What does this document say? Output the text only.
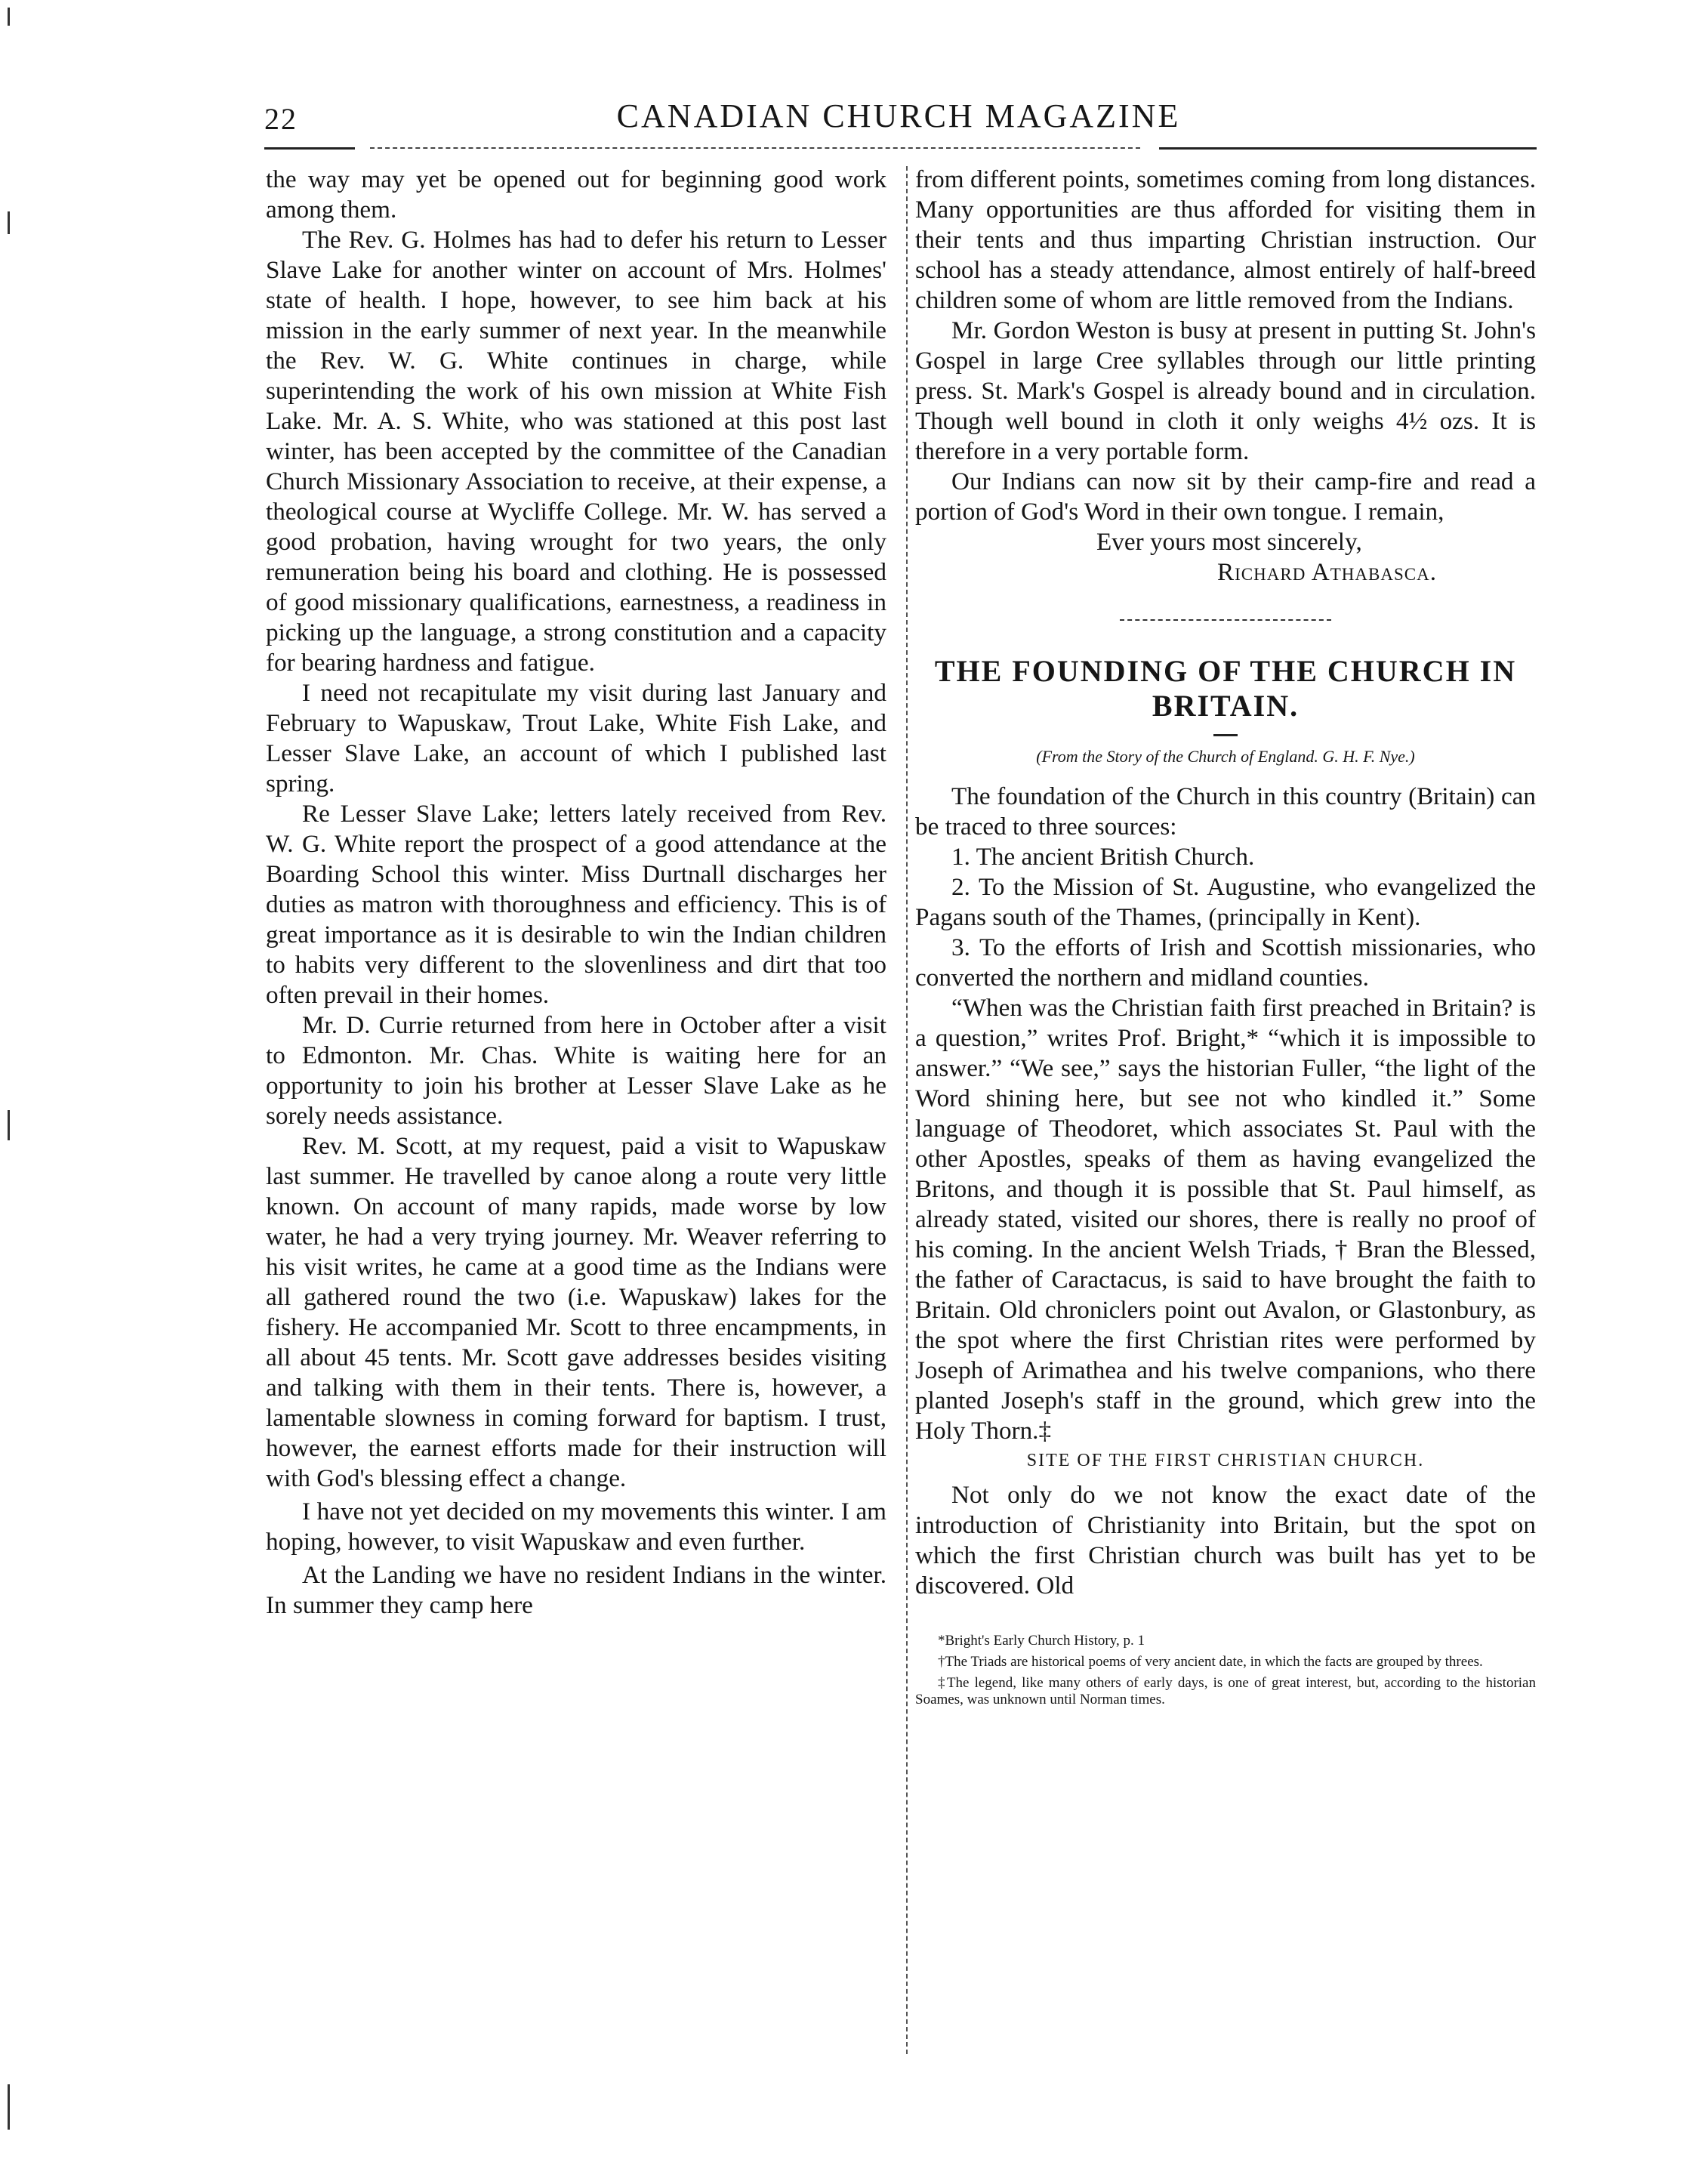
22	CANADIAN CHURCH MAGAZINE

the way may yet be opened out for beginning good work among them.

The Rev. G. Holmes has had to defer his return to Lesser Slave Lake for another winter on account of Mrs. Holmes' state of health. I hope, however, to see him back at his mission in the early summer of next year. In the meanwhile the Rev. W. G. White continues in charge, while superintending the work of his own mission at White Fish Lake. Mr. A. S. White, who was stationed at this post last winter, has been accepted by the committee of the Canadian Church Missionary Association to receive, at their expense, a theological course at Wycliffe College. Mr. W. has served a good probation, having wrought for two years, the only remuneration being his board and clothing. He is possessed of good missionary qualifications, earnestness, a readiness in picking up the language, a strong constitution and a capacity for bearing hardness and fatigue.

I need not recapitulate my visit during last January and February to Wapuskaw, Trout Lake, White Fish Lake, and Lesser Slave Lake, an account of which I published last spring.

Re Lesser Slave Lake; letters lately received from Rev. W. G. White report the prospect of a good attendance at the Boarding School this winter. Miss Durtnall discharges her duties as matron with thoroughness and efficiency. This is of great importance as it is desirable to win the Indian children to habits very different to the slovenliness and dirt that too often prevail in their homes.

Mr. D. Currie returned from here in October after a visit to Edmonton. Mr. Chas. White is waiting here for an opportunity to join his brother at Lesser Slave Lake as he sorely needs assistance.

Rev. M. Scott, at my request, paid a visit to Wapuskaw last summer. He travelled by canoe along a route very little known. On account of many rapids, made worse by low water, he had a very trying journey. Mr. Weaver referring to his visit writes, he came at a good time as the Indians were all gathered round the two (i.e. Wapuskaw) lakes for the fishery. He accompanied Mr. Scott to three encampments, in all about 45 tents. Mr. Scott gave addresses besides visiting and talking with them in their tents. There is, however, a lamentable slowness in coming forward for baptism. I trust, however, the earnest efforts made for their instruction will with God's blessing effect a change.

I have not yet decided on my movements this winter. I am hoping, however, to visit Wapuskaw and even further.

At the Landing we have no resident Indians in the winter. In summer they camp here

from different points, sometimes coming from long distances. Many opportunities are thus afforded for visiting them in their tents and thus imparting Christian instruction. Our school has a steady attendance, almost entirely of half-breed children some of whom are little removed from the Indians.

Mr. Gordon Weston is busy at present in putting St. John's Gospel in large Cree syllables through our little printing press. St. Mark's Gospel is already bound and in circulation. Though well bound in cloth it only weighs 4½ ozs. It is therefore in a very portable form.

Our Indians can now sit by their camp-fire and read a portion of God's Word in their own tongue. I remain,

Ever yours most sincerely,

Richard Athabasca.

THE FOUNDING OF THE CHURCH IN BRITAIN.

(From the Story of the Church of England. G. H. F. Nye.)

The foundation of the Church in this country (Britain) can be traced to three sources:

1. The ancient British Church.

2. To the Mission of St. Augustine, who evangelized the Pagans south of the Thames, (principally in Kent).

3. To the efforts of Irish and Scottish missionaries, who converted the northern and midland counties.

“When was the Christian faith first preached in Britain? is a question,” writes Prof. Bright,* “which it is impossible to answer.” “We see,” says the historian Fuller, “the light of the Word shining here, but see not who kindled it.” Some language of Theodoret, which associates St. Paul with the other Apostles, speaks of them as having evangelized the Britons, and though it is possible that St. Paul himself, as already stated, visited our shores, there is really no proof of his coming. In the ancient Welsh Triads, † Bran the Blessed, the father of Caractacus, is said to have brought the faith to Britain. Old chroniclers point out Avalon, or Glastonbury, as the spot where the first Christian rites were performed by Joseph of Arimathea and his twelve companions, who there planted Joseph's staff in the ground, which grew into the Holy Thorn.‡

SITE OF THE FIRST CHRISTIAN CHURCH.

Not only do we not know the exact date of the introduction of Christianity into Britain, but the spot on which the first Christian church was built has yet to be discovered. Old

*Bright's Early Church History, p. 1

†The Triads are historical poems of very ancient date, in which the facts are grouped by threes.

‡The legend, like many others of early days, is one of great interest, but, according to the historian Soames, was unknown until Norman times.
